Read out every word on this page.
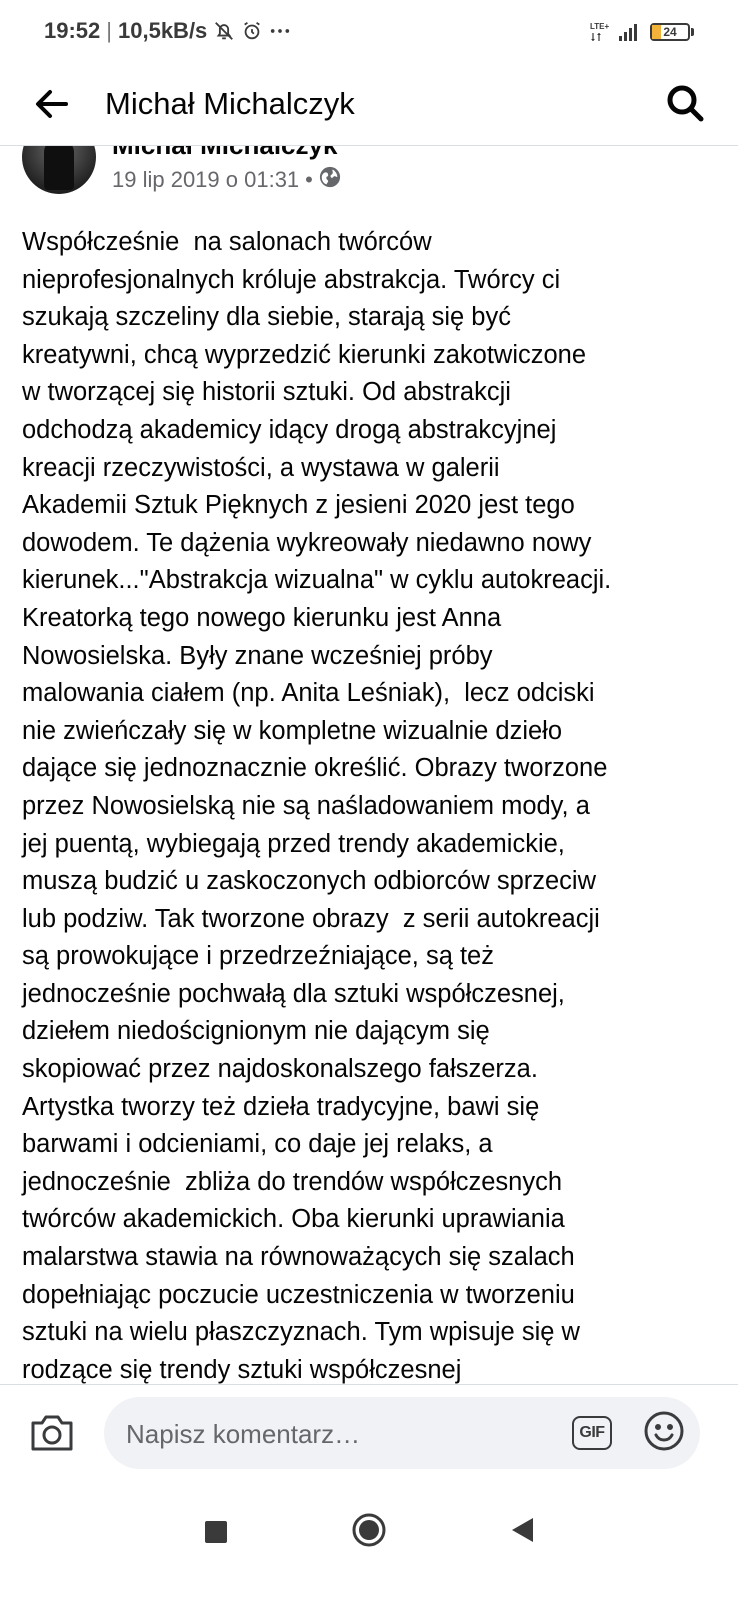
19:52 | 10,5kB/s	LTE+	24
Michał Michalczyk
19 lip 2019 o 01:31 •
Współcześnie  na salonach twórców
nieprofesjonalnych króluje abstrakcja. Twórcy ci
szukają szczeliny dla siebie, starają się być
kreatywni, chcą wyprzedzić kierunki zakotwiczone
w tworzącej się historii sztuki. Od abstrakcji
odchodzą akademicy idący drogą abstrakcyjnej
kreacji rzeczywistości, a wystawa w galerii
Akademii Sztuk Pięknych z jesieni 2020 jest tego
dowodem. Te dążenia wykreowały niedawno nowy
kierunek..."Abstrakcja wizualna" w cyklu autokreacji.
Kreatorką tego nowego kierunku jest Anna
Nowosielska. Były znane wcześniej próby
malowania ciałem (np. Anita Leśniak),  lecz odciski
nie zwieńczały się w kompletne wizualnie dzieło
dające się jednoznacznie określić. Obrazy tworzone
przez Nowosielską nie są naśladowaniem mody, a
jej puentą, wybiegają przed trendy akademickie,
muszą budzić u zaskoczonych odbiorców sprzeciw
lub podziw. Tak tworzone obrazy  z serii autokreacji
są prowokujące i przedrzeźniające, są też
jednocześnie pochwałą dla sztuki współczesnej,
dziełem niedoścignionym nie dającym się
skopiować przez najdoskonalszego fałszerza.
Artystka tworzy też dzieła tradycyjne, bawi się
barwami i odcieniami, co daje jej relaks, a
jednocześnie  zbliża do trendów współczesnych
twórców akademickich. Oba kierunki uprawiania
malarstwa stawia na równoważących się szalach
dopełniając poczucie uczestniczenia w tworzeniu
sztuki na wielu płaszczyznach. Tym wpisuje się w
rodzące się trendy sztuki współczesnej
Napisz komentarz…
GIF
